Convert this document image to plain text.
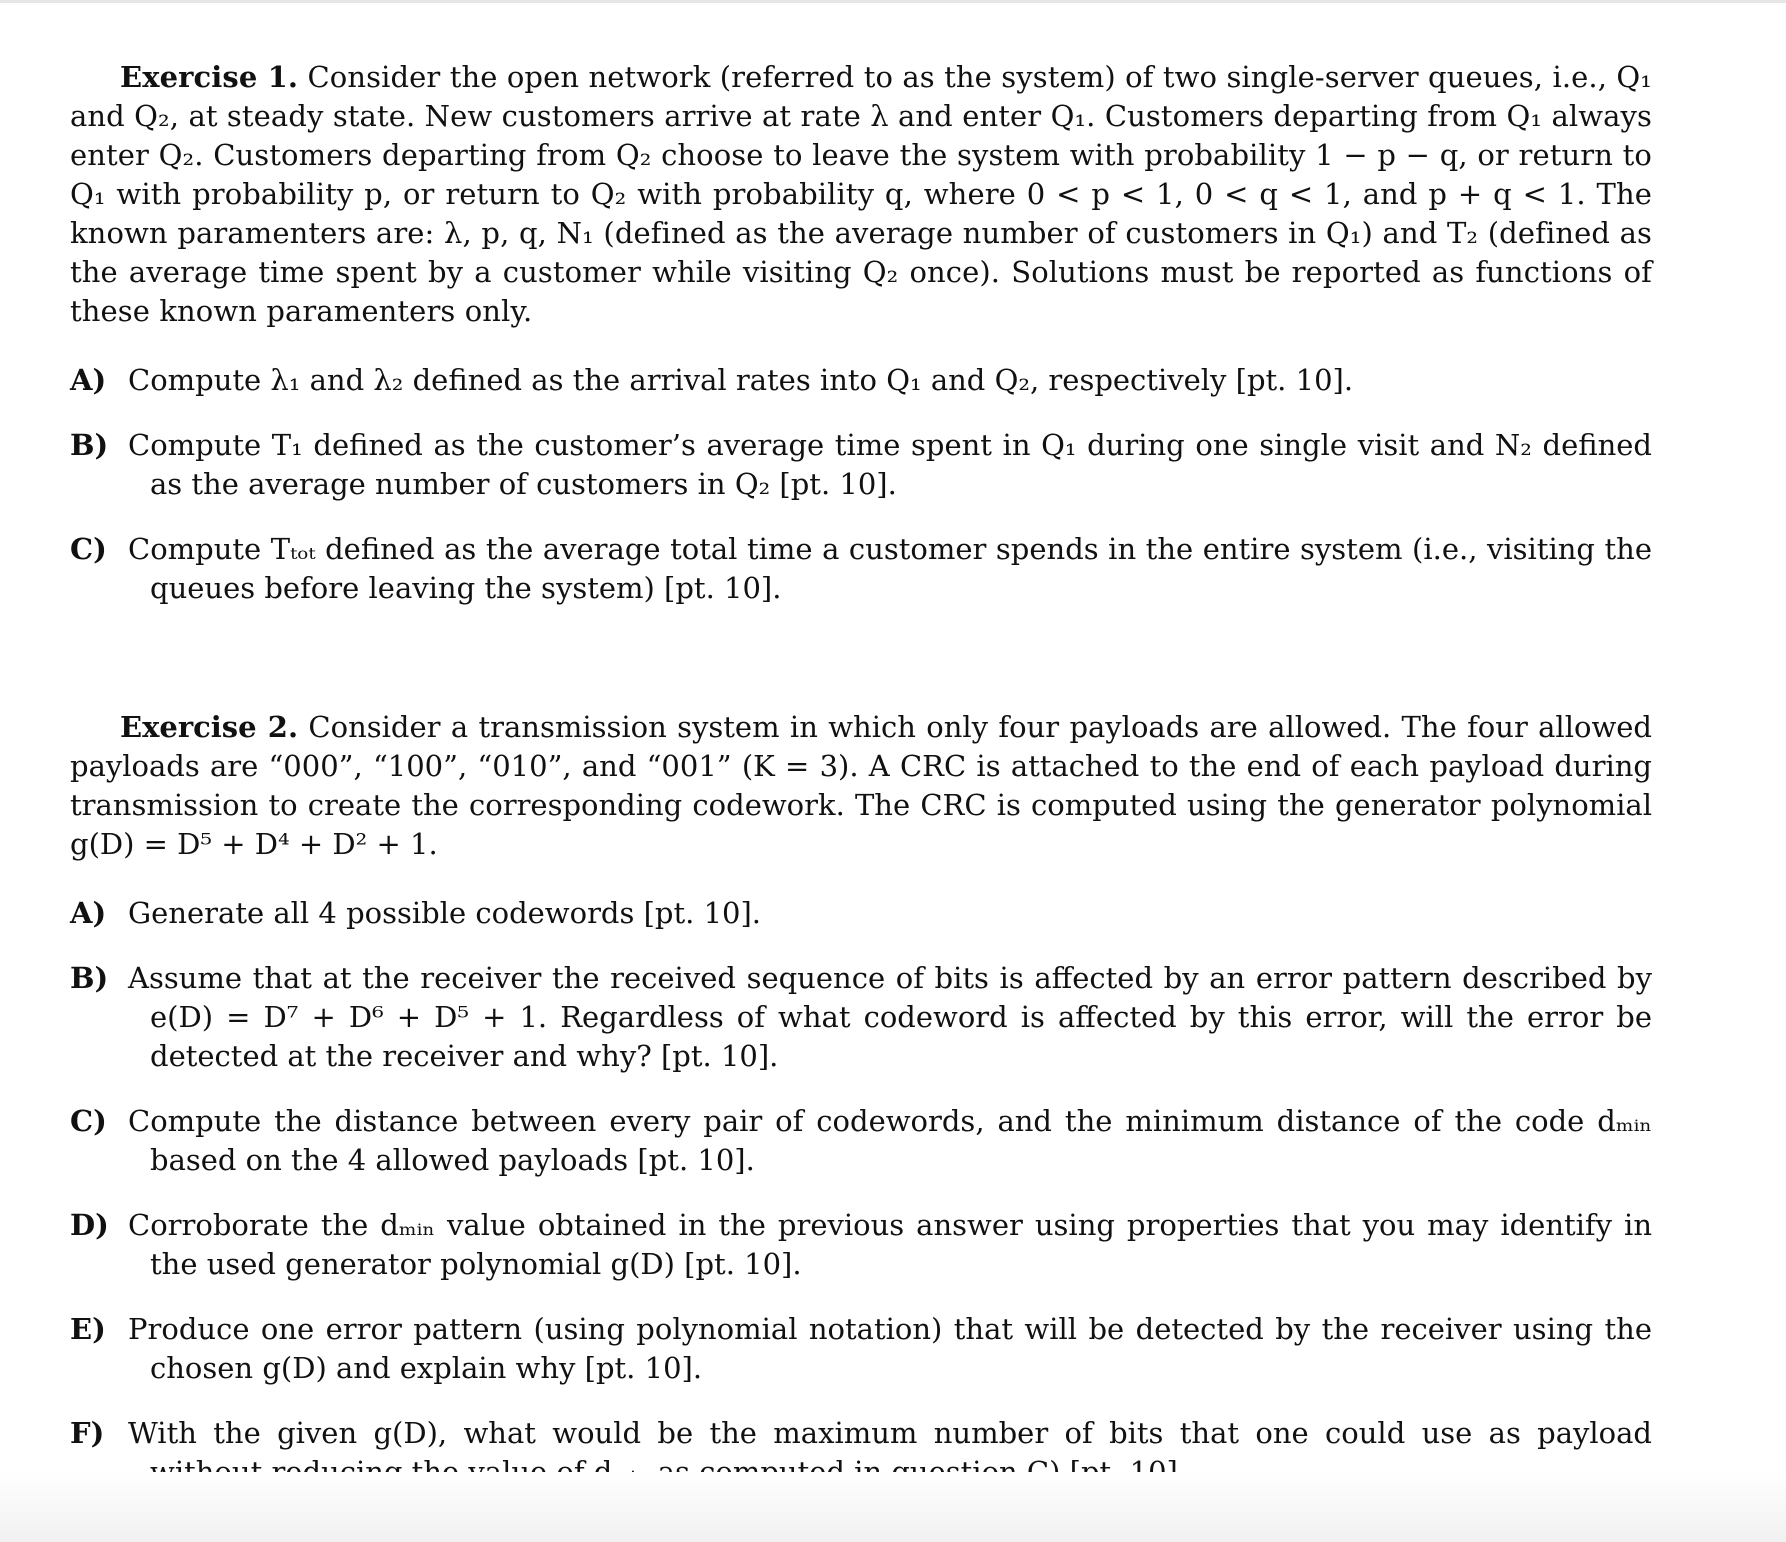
Exercise 1. Consider the open network (referred to as the system) of two single-server queues, i.e., Q₁ and Q₂, at steady state. New customers arrive at rate λ and enter Q₁. Customers departing from Q₁ always enter Q₂. Customers departing from Q₂ choose to leave the system with probability 1 − p − q, or return to Q₁ with probability p, or return to Q₂ with probability q, where 0 < p < 1, 0 < q < 1, and p + q < 1. The known paramenters are: λ, p, q, N₁ (defined as the average number of customers in Q₁) and T₂ (defined as the average time spent by a customer while visiting Q₂ once). Solutions must be reported as functions of these known paramenters only.

A) Compute λ₁ and λ₂ defined as the arrival rates into Q₁ and Q₂, respectively [pt. 10].

B) Compute T₁ defined as the customer’s average time spent in Q₁ during one single visit and N₂ defined as the average number of customers in Q₂ [pt. 10].

C) Compute Tₜₒₜ defined as the average total time a customer spends in the entire system (i.e., visiting the queues before leaving the system) [pt. 10].

Exercise 2. Consider a transmission system in which only four payloads are allowed. The four allowed payloads are “000”, “100”, “010”, and “001” (K = 3). A CRC is attached to the end of each payload during transmission to create the corresponding codework. The CRC is computed using the generator polynomial g(D) = D⁵ + D⁴ + D² + 1.

A) Generate all 4 possible codewords [pt. 10].

B) Assume that at the receiver the received sequence of bits is affected by an error pattern described by e(D) = D⁷ + D⁶ + D⁵ + 1. Regardless of what codeword is affected by this error, will the error be detected at the receiver and why? [pt. 10].

C) Compute the distance between every pair of codewords, and the minimum distance of the code dₘᵢₙ based on the 4 allowed payloads [pt. 10].

D) Corroborate the dₘᵢₙ value obtained in the previous answer using properties that you may identify in the used generator polynomial g(D) [pt. 10].

E) Produce one error pattern (using polynomial notation) that will be detected by the receiver using the chosen g(D) and explain why [pt. 10].

F) With the given g(D), what would be the maximum number of bits that one could use as payload
